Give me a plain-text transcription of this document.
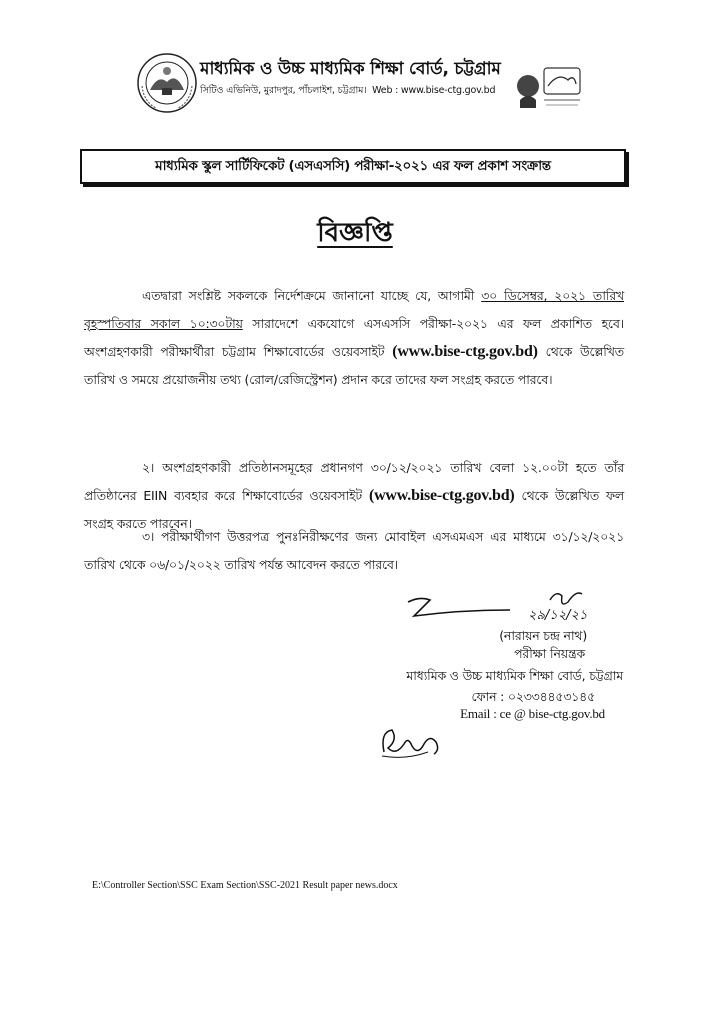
মাধ্যমিক ও উচ্চ মাধ্যমিক শিক্ষা বোর্ড, চট্টগ্রাম
সিটিও এভিনিউ, মুরাদপুর, পাঁচলাইশ, চট্টগ্রাম। Web : www.bise-ctg.gov.bd
মাধ্যমিক স্কুল সার্টিফিকেট (এসএসসি) পরীক্ষা-২০২১ এর ফল প্রকাশ সংক্রান্ত
বিজ্ঞপ্তি
এতদ্বারা সংশ্লিষ্ট সকলকে নির্দেশক্রমে জানানো যাচ্ছে যে, আগামী ৩০ ডিসেম্বর, ২০২১ তারিখ বৃহস্পতিবার সকাল ১০:৩০টায় সারাদেশে একযোগে এসএসসি পরীক্ষা-২০২১ এর ফল প্রকাশিত হবে। অংশগ্রহণকারী পরীক্ষার্থীরা চট্টগ্রাম শিক্ষাবোর্ডের ওয়েবসাইট (www.bise-ctg.gov.bd) থেকে উল্লেখিত তারিখ ও সময়ে প্রয়োজনীয় তথ্য (রোল/রেজিস্ট্রেশন) প্রদান করে তাদের ফল সংগ্রহ করতে পারবে।
২। অংশগ্রহণকারী প্রতিষ্ঠানসমূহের প্রধানগণ ৩০/১২/২০২১ তারিখ বেলা ১২.০০টা হতে তাঁর প্রতিষ্ঠানের EIIN ব্যবহার করে শিক্ষাবোর্ডের ওয়েবসাইট (www.bise-ctg.gov.bd) থেকে উল্লেখিত ফল সংগ্রহ করতে পারবেন।
৩। পরীক্ষার্থীগণ উত্তরপত্র পুনঃনিরীক্ষণের জন্য মোবাইল এসএমএস এর মাধ্যমে ৩১/১২/২০২১ তারিখ থেকে ০৬/০১/২০২২ তারিখ পর্যন্ত আবেদন করতে পারবে।
২৯/১২/২১
(নারায়ন চন্দ্র নাথ)
পরীক্ষা নিয়ন্ত্রক
মাধ্যমিক ও উচ্চ মাধ্যমিক শিক্ষা বোর্ড, চট্টগ্রাম
ফোন : ০২৩৩৪৪৫৩১৪৫
Email : ce @ bise-ctg.gov.bd
E:\Controller Section\SSC Exam Section\SSC-2021 Result paper news.docx
